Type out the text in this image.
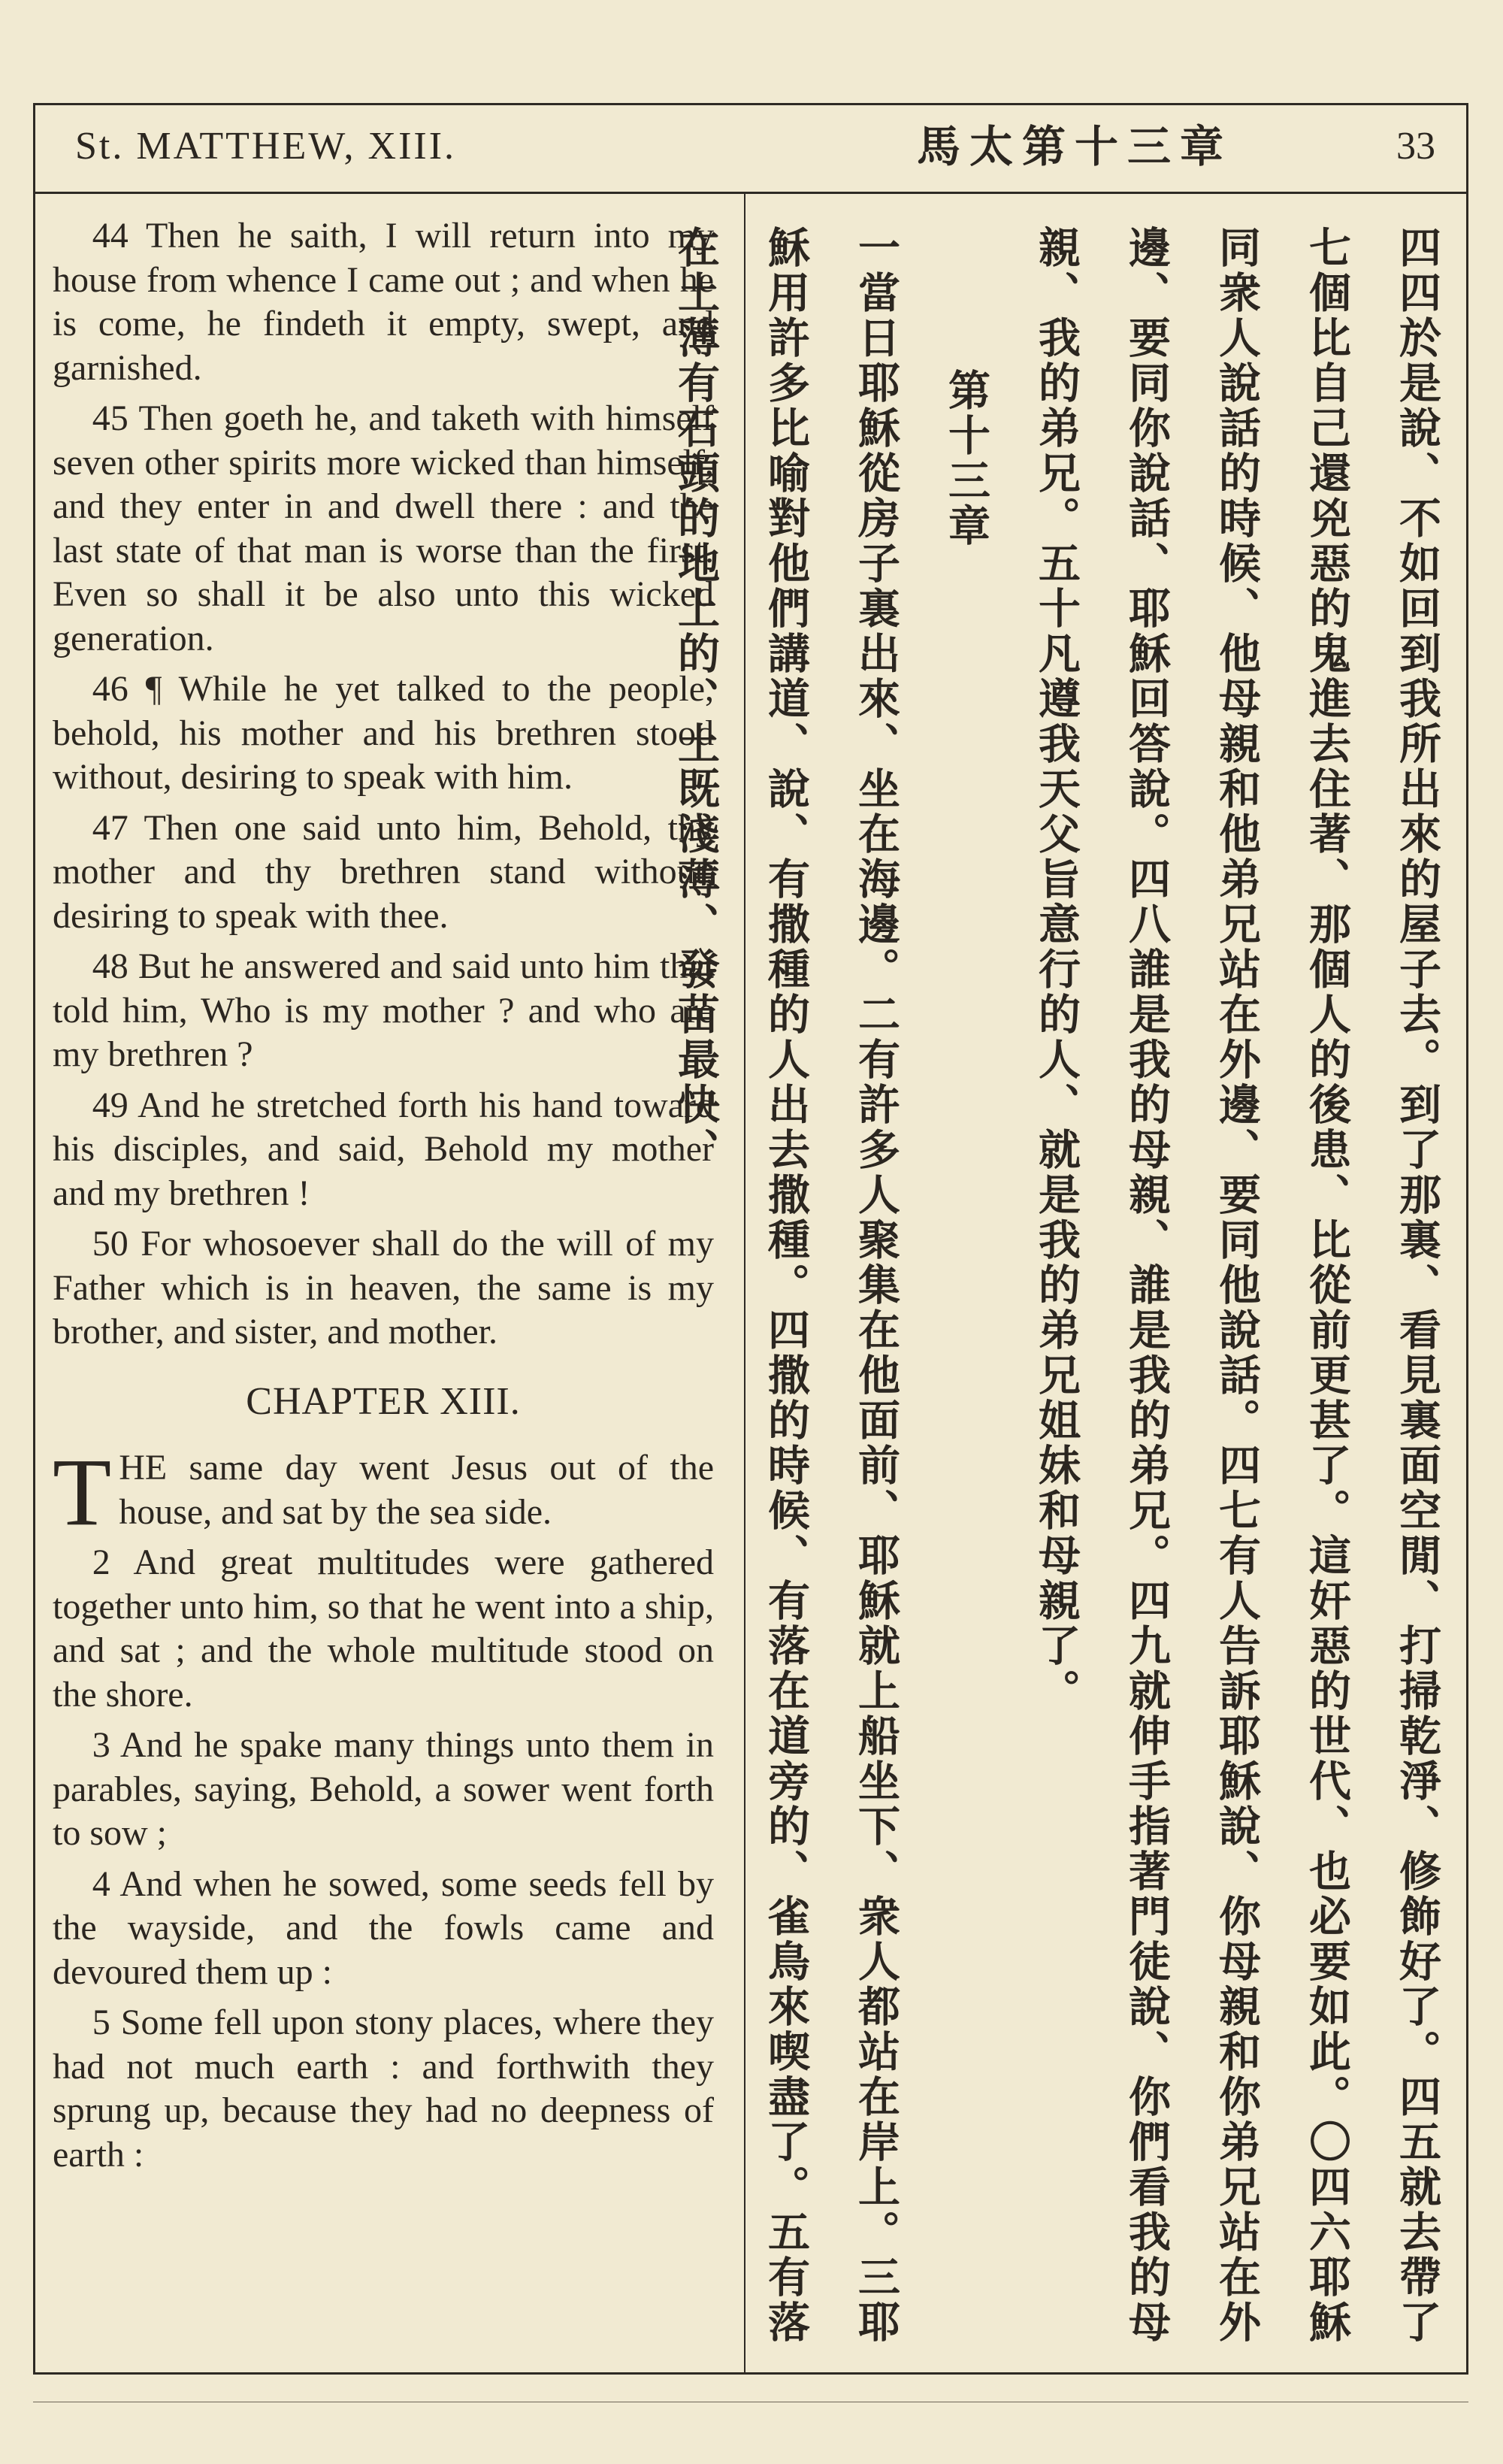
St. MATTHEW, XIII.	馬太第十三章	33

44 Then he saith, I will return into my house from whence I came out ; and when he is come, he findeth it empty, swept, and garnished.

45 Then goeth he, and taketh with himself seven other spirits more wicked than himself, and they enter in and dwell there : and the last state of that man is worse than the first. Even so shall it be also unto this wicked generation.

46 ¶ While he yet talked to the people, behold, his mother and his brethren stood without, desiring to speak with him.

47 Then one said unto him, Behold, thy mother and thy brethren stand without, desiring to speak with thee.

48 But he answered and said unto him that told him, Who is my mother ? and who are my brethren ?

49 And he stretched forth his hand toward his disciples, and said, Behold my mother and my brethren !

50 For whosoever shall do the will of my Father which is in heaven, the same is my brother, and sister, and mother.

CHAPTER XIII.

THE same day went Jesus out of the house, and sat by the sea side.

2 And great multitudes were gathered together unto him, so that he went into a ship, and sat ; and the whole multitude stood on the shore.

3 And he spake many things unto them in parables, saying, Behold, a sower went forth to sow ;

4 And when he sowed, some seeds fell by the wayside, and the fowls came and devoured them up :

5 Some fell upon stony places, where they had not much earth : and forthwith they sprung up, because they had no deepness of earth :	四四於是說、不如回到我所出來的屋子去。到了那裏、看見裏面空閒、打掃乾淨、修飾好了。四五就去帶了七個比自己還兇惡的鬼進去住著、那個人的後患、比從前更甚了。這奸惡的世代、也必要如此。〇四六耶穌同衆人說話的時候、他母親和他弟兄站在外邊、要同他說話。四七有人告訴耶穌說、你母親和你弟兄站在外邊、要同你說話、耶穌回答說。四八誰是我的母親、誰是我的弟兄。四九就伸手指著門徒說、你們看我的母親、我的弟兄。五十凡遵我天父旨意行的人、就是我的弟兄姐妹和母親了。

第十三章

一當日耶穌從房子裏出來、坐在海邊。二有許多人聚集在他面前、耶穌就上船坐下、衆人都站在岸上。三耶穌用許多比喻對他們講道、說、有撒種的人出去撒種。四撒的時候、有落在道旁的、雀鳥來喫盡了。五有落在土薄有石頭的地上的、土既淺薄、發苗最快、
